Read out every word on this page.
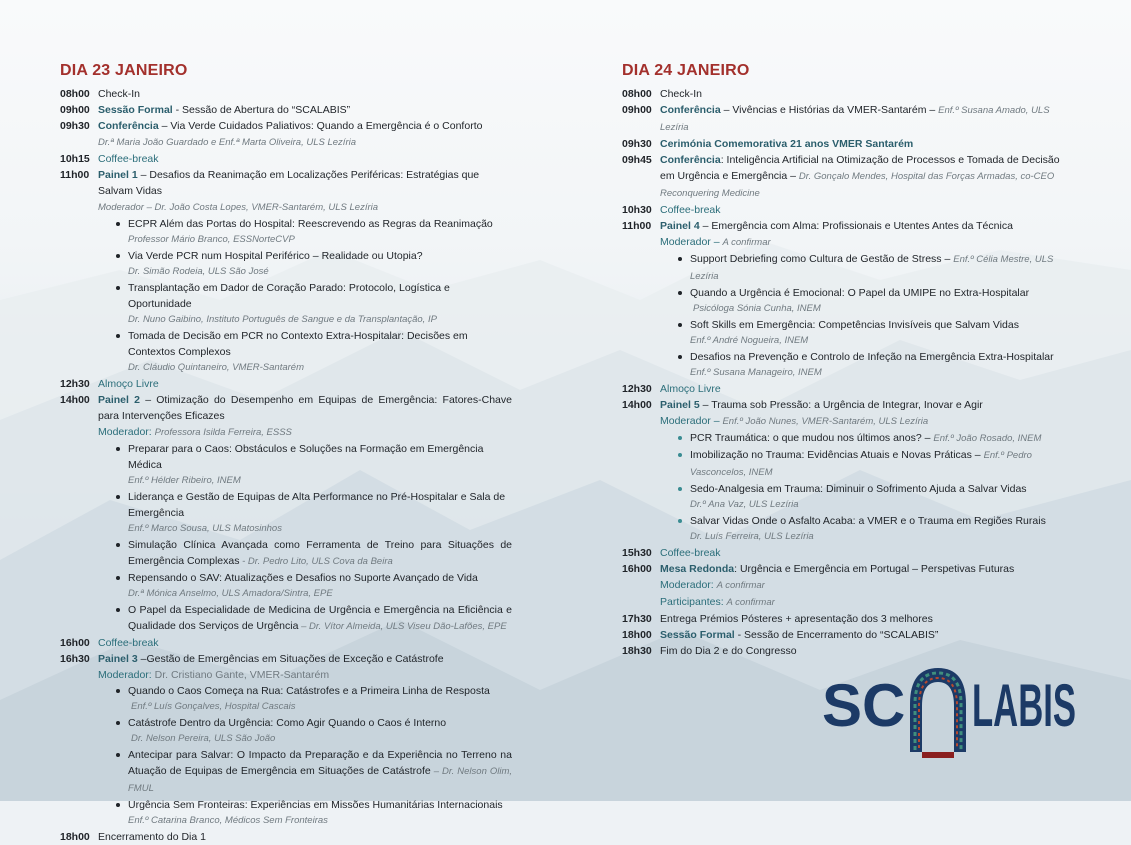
DIA 23 JANEIRO
08h00 Check-In
09h00 Sessão Formal - Sessão de Abertura do “SCALABIS”
09h30 Conferência – Via Verde Cuidados Paliativos: Quando a Emergência é o Conforto
Dr.ª Maria João Guardado e Enf.ª Marta Oliveira, ULS Lezíria
10h15 Coffee-break
11h00 Painel 1 – Desafios da Reanimação em Localizações Periféricas: Estratégias que Salvam Vidas
Moderador – Dr. João Costa Lopes, VMER-Santarém, ULS Lezíria
ECPR Além das Portas do Hospital: Reescrevendo as Regras da Reanimação
Professor Mário Branco, ESSNorteCVP
Via Verde PCR num Hospital Periférico – Realidade ou Utopia?
Dr. Simão Rodeia, ULS São José
Transplantação em Dador de Coração Parado: Protocolo, Logística e Oportunidade
Dr. Nuno Gaibino, Instituto Português de Sangue e da Transplantação, IP
Tomada de Decisão em PCR no Contexto Extra-Hospitalar: Decisões em Contextos Complexos
Dr. Cláudio Quintaneiro, VMER-Santarém
12h30 Almoço Livre
14h00 Painel 2 – Otimização do Desempenho em Equipas de Emergência: Fatores-Chave para Intervenções Eficazes
Moderador: Professora Isilda Ferreira, ESSS
Preparar para o Caos: Obstáculos e Soluções na Formação em Emergência Médica
Enf.º Hélder Ribeiro, INEM
Liderança e Gestão de Equipas de Alta Performance no Pré-Hospitalar e Sala de Emergência
Enf.º Marco Sousa, ULS Matosinhos
Simulação Clínica Avançada como Ferramenta de Treino para Situações de Emergência Complexas - Dr. Pedro Lito, ULS Cova da Beira
Repensando o SAV: Atualizações e Desafios no Suporte Avançado de Vida
Dr.ª Mónica Anselmo, ULS Amadora/Sintra, EPE
O Papel da Especialidade de Medicina de Urgência e Emergência na Eficiência e Qualidade dos Serviços de Urgência – Dr. Vítor Almeida, ULS Viseu Dão-Lafões, EPE
16h00 Coffee-break
16h30 Painel 3 –Gestão de Emergências em Situações de Exceção e Catástrofe
Moderador: Dr. Cristiano Gante, VMER-Santarém
Quando o Caos Começa na Rua: Catástrofes e a Primeira Linha de Resposta
Enf.º Luís Gonçalves, Hospital Cascais
Catástrofe Dentro da Urgência: Como Agir Quando o Caos é Interno
Dr. Nelson Pereira, ULS São João
Antecipar para Salvar: O Impacto da Preparação e da Experiência no Terreno na Atuação de Equipas de Emergência em Situações de Catástrofe – Dr. Nelson Olim, FMUL
Urgência Sem Fronteiras: Experiências em Missões Humanitárias Internacionais
Enf.º Catarina Branco, Médicos Sem Fronteiras
18h00 Encerramento do Dia 1
DIA 24 JANEIRO
08h00 Check-In
09h00 Conferência – Vivências e Histórias da VMER-Santarém – Enf.º Susana Amado, ULS Lezíria
09h30 Cerimónia Comemorativa 21 anos VMER Santarém
09h45 Conferência: Inteligência Artificial na Otimização de Processos e Tomada de Decisão em Urgência e Emergência – Dr. Gonçalo Mendes, Hospital das Forças Armadas, co-CEO Reconquering Medicine
10h30 Coffee-break
11h00 Painel 4 – Emergência com Alma: Profissionais e Utentes Antes da Técnica
Moderador – A confirmar
Support Debriefing como Cultura de Gestão de Stress – Enf.º Célia Mestre, ULS Lezíria
Quando a Urgência é Emocional: O Papel da UMIPE no Extra-Hospitalar
Psicóloga Sónia Cunha, INEM
Soft Skills em Emergência: Competências Invisíveis que Salvam Vidas
Enf.º André Nogueira, INEM
Desafios na Prevenção e Controlo de Infeção na Emergência Extra-Hospitalar
Enf.º Susana Manageiro, INEM
12h30 Almoço Livre
14h00 Painel 5 – Trauma sob Pressão: a Urgência de Integrar, Inovar e Agir
Moderador – Enf.º João Nunes, VMER-Santarém, ULS Lezíria
PCR Traumática: o que mudou nos últimos anos? – Enf.º João Rosado, INEM
Imobilização no Trauma: Evidências Atuais e Novas Práticas – Enf.º Pedro Vasconcelos, INEM
Sedo-Analgesia em Trauma: Diminuir o Sofrimento Ajuda a Salvar Vidas
Dr.º Ana Vaz, ULS Lezíria
Salvar Vidas Onde o Asfalto Acaba: a VMER e o Trauma em Regiões Rurais
Dr. Luís Ferreira, ULS Lezíria
15h30 Coffee-break
16h00 Mesa Redonda: Urgência e Emergência em Portugal – Perspetivas Futuras
Moderador: A confirmar
Participantes: A confirmar
17h30 Entrega Prémios Pósteres + apresentação dos 3 melhores
18h00 Sessão Formal - Sessão de Encerramento do “SCALABIS”
18h30 Fim do Dia 2 e do Congresso
SC LABIS
